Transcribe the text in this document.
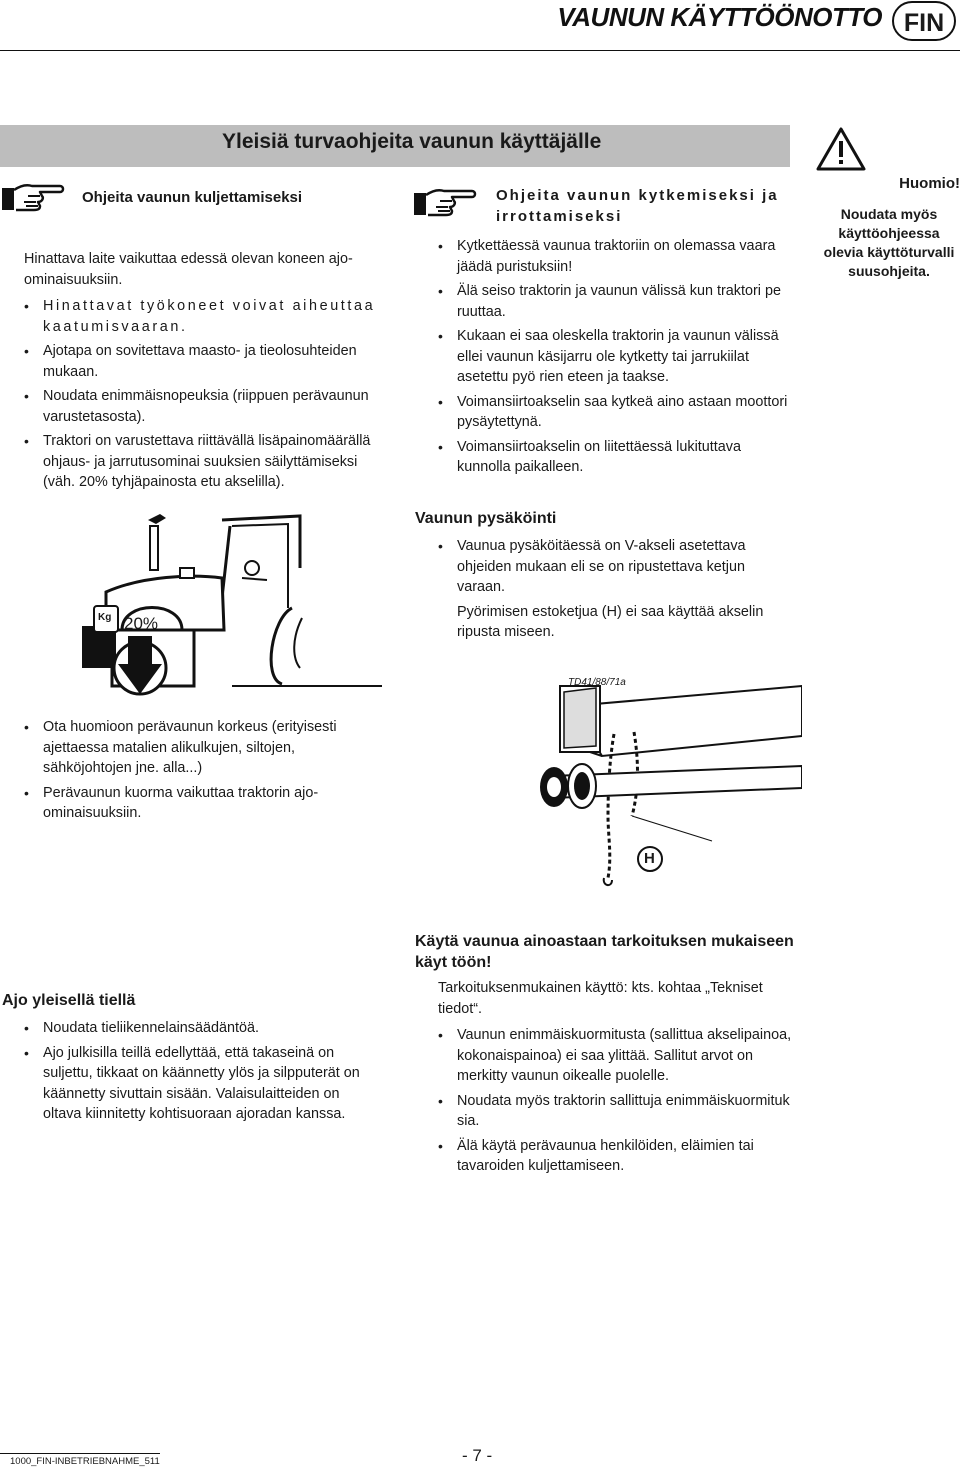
VAUNUN KÄYTTÖÖNOTTO FIN
Yleisiä turvaohjeita vaunun käyttäjälle
Huomio!
Noudata myös käyttöohjeessa olevia käyttöturvalli suusohjeita.
Ohjeita vaunun kuljettamiseksi

Hinattava laite vaikuttaa edessä olevan koneen ajo-ominaisuuksiin.

• Hinattavat työkoneet voivat aiheuttaa kaatumisvaaran.
• Ajotapa on sovitettava maasto- ja tieolosuhteiden mukaan.
• Noudata enimmäisnopeuksia (riippuen perävaunun varustetasosta).
• Traktori on varustettava riittävällä lisäpainomäärällä ohjaus- ja jarrutusominai suuksien säilyttämiseksi (väh. 20% tyhjäpainosta etu akselilla).
Kg 20%
• Ota huomioon perävaunun korkeus (erityisesti ajettaessa matalien alikulkujen, siltojen, sähköjohtojen jne. alla...)
• Perävaunun kuorma vaikuttaa traktorin ajo-ominaisuuksiin.
Ohjeita vaunun kytkemiseksi ja irrottamiseksi
• Kytkettäessä vaunua traktoriin on olemassa vaara jäädä puristuksiin!
• Älä seiso traktorin ja vaunun välissä kun traktori pe ruuttaa.
• Kukaan ei saa oleskella traktorin ja vaunun välissä ellei vaunun käsijarru ole kytketty tai jarrukiilat asetettu pyö rien eteen ja taakse.
• Voimansiirtoakselin saa kytkeä aino astaan moottori pysäytettynä.
• Voimansiirtoakselin on liitettäessä lukituttava kunnolla paikalleen.
Vaunun pysäköinti
• Vaunua pysäköitäessä on V-akseli asetettava ohjeiden mukaan eli se on ripustettava ketjun varaan.

Pyörimisen estoketjua (H) ei saa käyttää akselin ripusta miseen.

TD41/88/71a
H
Ajo yleisellä tiellä
• Noudata tieliikennelainsäädäntöä.
• Ajo julkisilla teillä edellyttää, että takaseinä on suljettu, tikkaat on käännetty ylös ja silpputerät on käännetty sivuttain sisään. Valaisulaitteiden on oltava kiinnitetty kohtisuoraan ajoradan kanssa.
Käytä vaunua ainoastaan tarkoituksen mukaiseen käyt töön!

Tarkoituksenmukainen käyttö: kts. kohtaa „Tekniset tiedot“.

• Vaunun enimmäiskuormitusta (sallittua akselipainoa, kokonaispainoa) ei saa ylittää. Sallitut arvot on merkitty vaunun oikealle puolelle.
• Noudata myös traktorin sallittuja enimmäiskuormituk sia.
• Älä käytä perävaunua henkilöiden, eläimien tai tavaroiden kuljettamiseen.
1000_FIN-INBETRIEBNAHME_511	- 7 -
